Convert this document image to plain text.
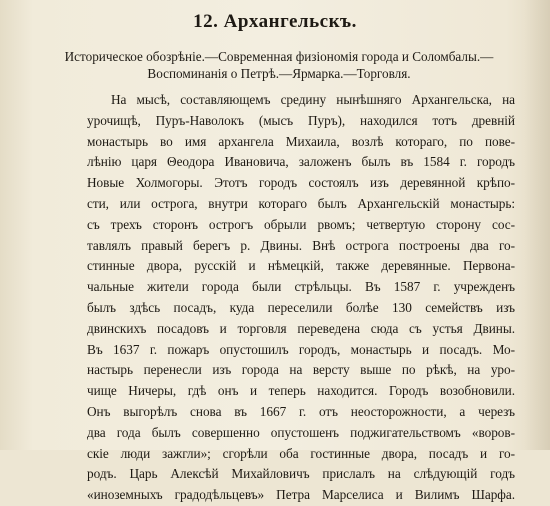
12. Архангельскъ.
Историческое обозрѣнiе.—Современная физiономiя города и Соломбалы.—
Воспоминанiя о Петрѣ.—Ярмарка.—Торговля.
На мысѣ, составляющемъ средину нынѣшняго Архангельска, на
урочищѣ, Пуръ-Наволокъ (мысъ Пуръ), находился тотъ древнiй
монастырь во имя архангела Михаила, возлѣ котораго, по пове-
лѣнiю царя Θеодора Ивановича, заложенъ былъ въ 1584 г. городъ
Новые Холмогоры. Этотъ городъ состоялъ изъ деревянной крѣпо-
сти, или острога, внутри котораго былъ Архангельскiй монастырь:
съ трехъ сторонъ острогъ обрыли рвомъ; четвертую сторону сос-
тавлялъ правый берегъ р. Двины. Внѣ острога построены два го-
стинные двора, русскiй и нѣмецкiй, также деревянные. Первона-
чальные жители города были стрѣльцы. Въ 1587 г. учрежденъ
былъ здѣсь посадъ, куда переселили болѣе 130 семействъ изъ
двинскихъ посадовъ и торговля переведена сюда съ устья Двины.
Въ 1637 г. пожаръ опустошилъ городъ, монастырь и посадъ. Мо-
настырь перенесли изъ города на версту выше по рѣкѣ, на уро-
чище Ничеры, гдѣ онъ и теперь находится. Городъ возобновили.
Онъ выгорѣлъ снова въ 1667 г. отъ неосторожности, а черезъ
два года былъ совершенно опустошенъ поджигательствомъ «воров-
скiе люди зажгли»; сгорѣли оба гостинные двора, посадъ и го-
родъ. Царь Алексѣй Михайловичъ прислалъ на слѣдующiй годъ
«иноземныхъ градодѣльцевъ» Петра Марселиса и Вилимъ Шарфа.
